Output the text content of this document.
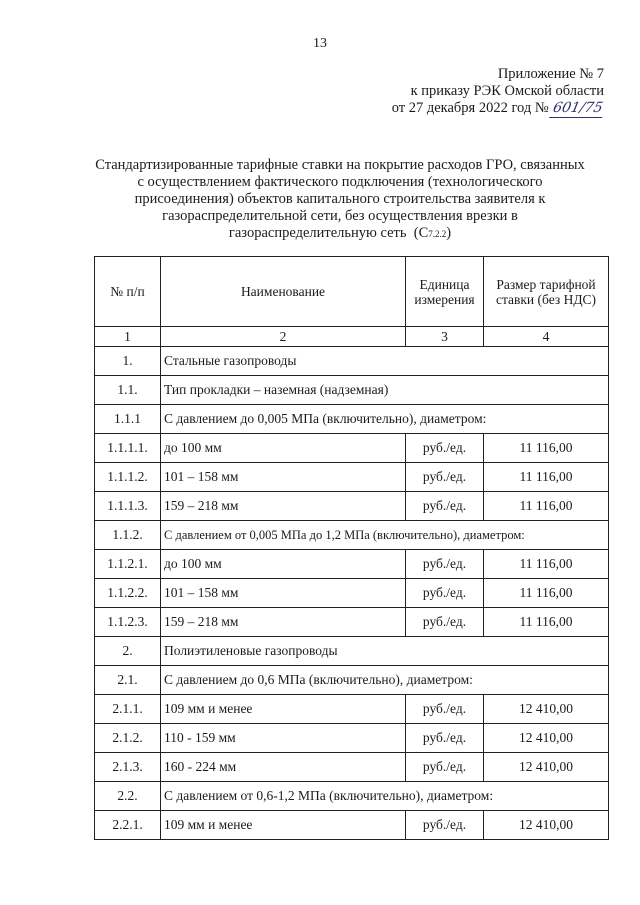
13
Приложение № 7
к приказу РЭК Омской области
от 27 декабря 2022 год № 601/75
Стандартизированные тарифные ставки на покрытие расходов ГРО, связанных
с осуществлением фактического подключения (технологического
присоединения) объектов капитального строительства заявителя к
газораспределительной сети, без осуществления врезки в
газораспределительную сеть (С7.2.2)
№ п/п	Наименование	Единица измерения	Размер тарифной ставки (без НДС)
1	2	3	4
1.	Стальные газопроводы		
1.1.	Тип прокладки – наземная (надземная)		
1.1.1	С давлением до 0,005 МПа (включительно), диаметром:		
1.1.1.1.	до 100 мм	руб./ед.	11 116,00
1.1.1.2.	101 – 158 мм	руб./ед.	11 116,00
1.1.1.3.	159 – 218 мм	руб./ед.	11 116,00
1.1.2.	С давлением от 0,005 МПа до 1,2 МПа (включительно), диаметром:		
1.1.2.1.	до 100 мм	руб./ед.	11 116,00
1.1.2.2.	101 – 158 мм	руб./ед.	11 116,00
1.1.2.3.	159 – 218 мм	руб./ед.	11 116,00
2.	Полиэтиленовые газопроводы		
2.1.	С давлением до 0,6 МПа (включительно), диаметром:		
2.1.1.	109 мм и менее	руб./ед.	12 410,00
2.1.2.	110 - 159 мм	руб./ед.	12 410,00
2.1.3.	160 - 224 мм	руб./ед.	12 410,00
2.2.	С давлением от 0,6-1,2 МПа (включительно), диаметром:		
2.2.1.	109 мм и менее	руб./ед.	12 410,00
